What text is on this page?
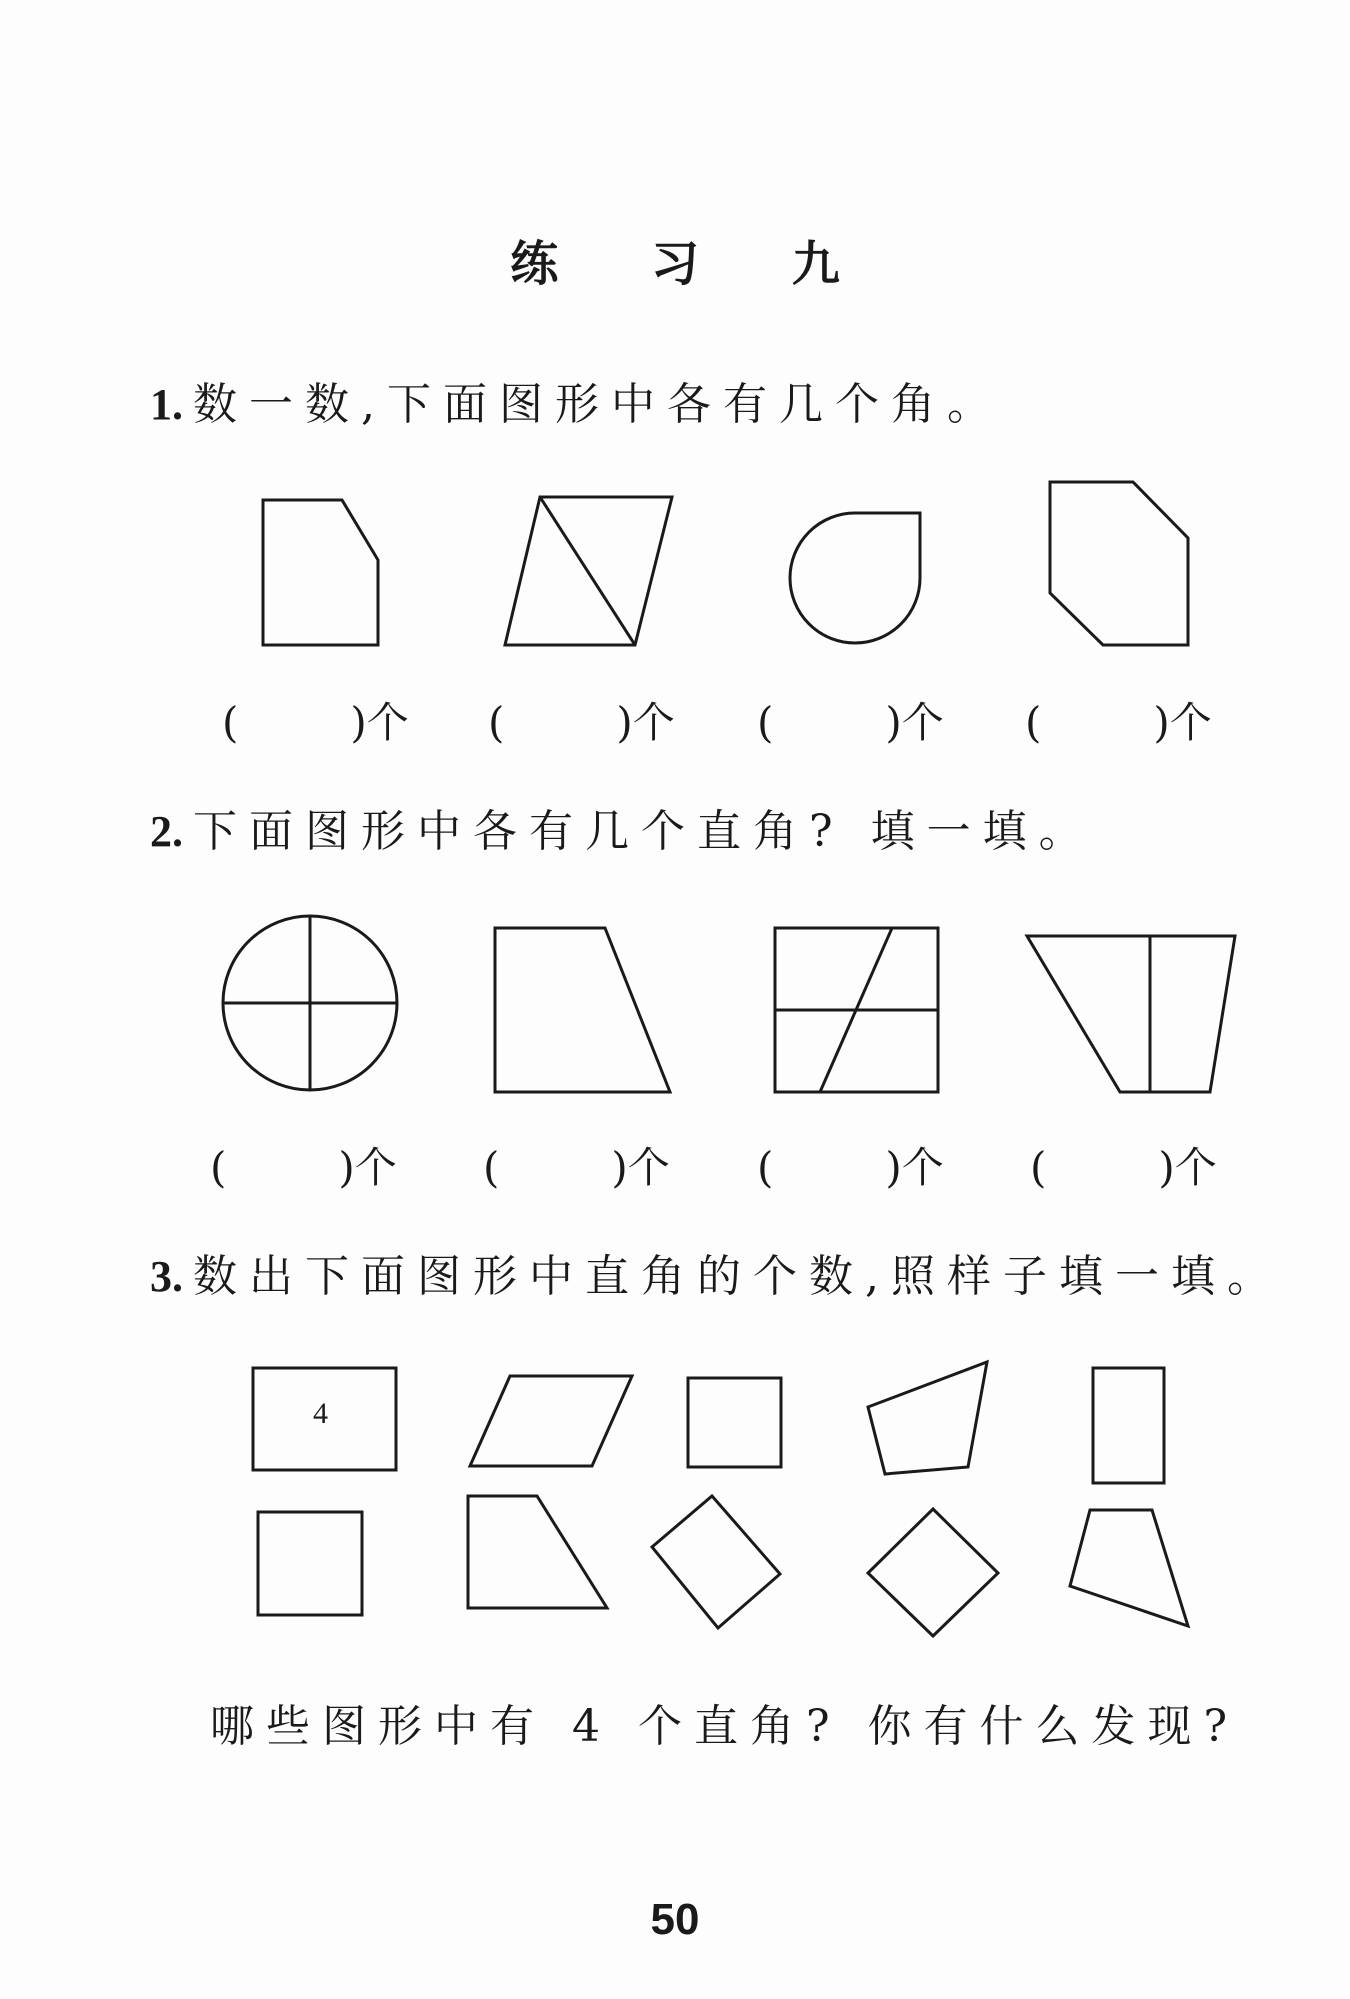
练 习 九
1. 数一数,下面图形中各有几个角。
2. 下面图形中各有几个直角? 填一填。
3. 数出下面图形中直角的个数,照样子填一填。
(	)个 (	)个 (	)个 (	)个
(	)个 (	)个 (	)个 (	)个
4
哪些图形中有 4 个直角? 你有什么发现?
50
